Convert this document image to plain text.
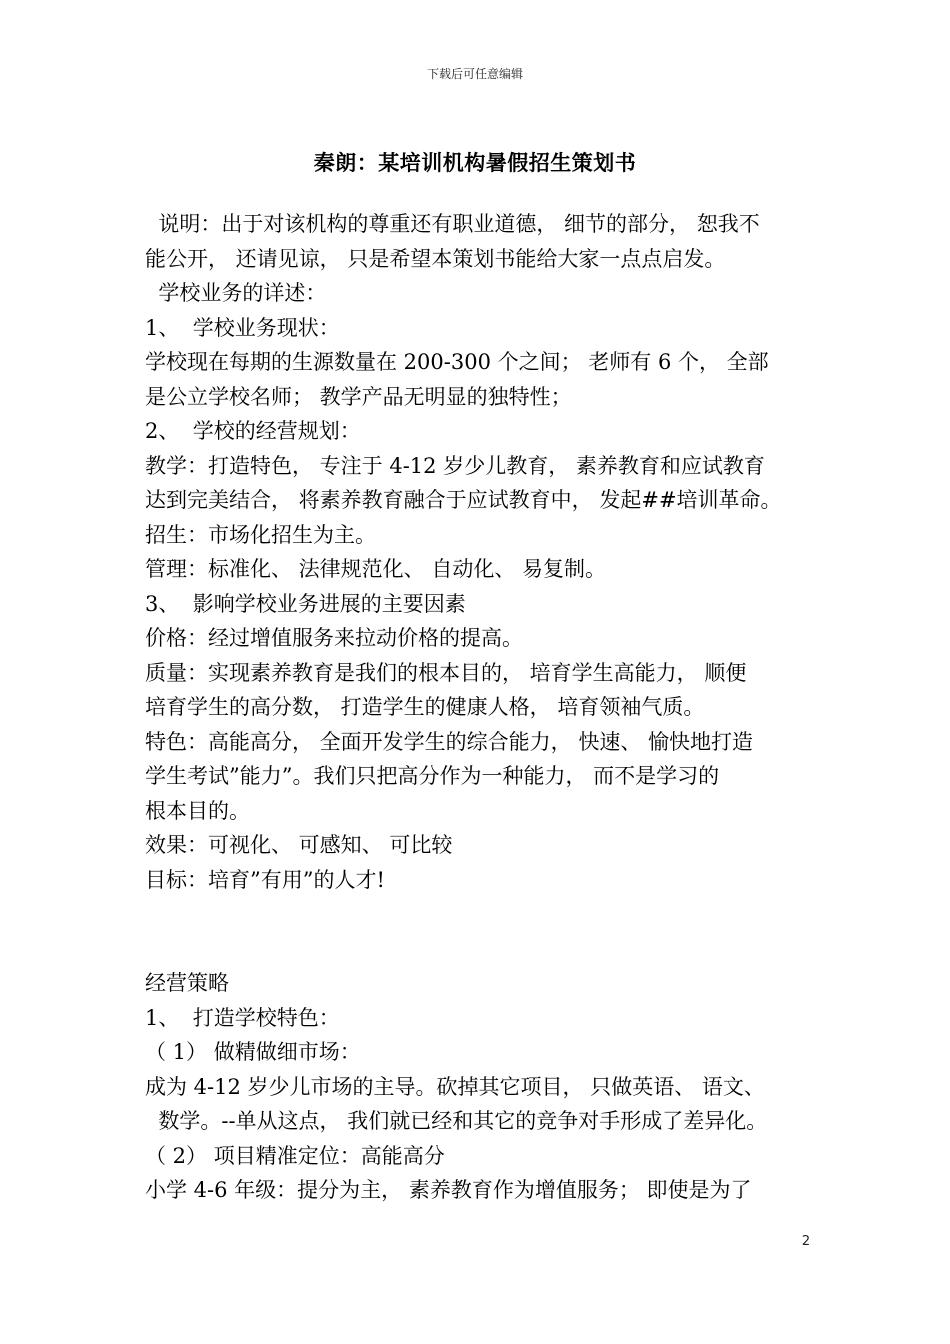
下载后可任意编辑
秦朗：某培训机构暑假招生策划书
说明：出于对该机构的尊重还有职业道德， 细节的部分， 恕我不
能公开， 还请见谅， 只是希望本策划书能给大家一点点启发。
学校业务的详述：
1、  学校业务现状：
学校现在每期的生源数量在 200-300 个之间； 老师有 6 个， 全部
是公立学校名师； 教学产品无明显的独特性；
2、  学校的经营规划：
教学：打造特色， 专注于 4-12 岁少儿教育， 素养教育和应试教育
达到完美结合， 将素养教育融合于应试教育中， 发起##培训革命。
招生：市场化招生为主。
管理：标准化、 法律规范化、 自动化、 易复制。
3、  影响学校业务进展的主要因素
价格：经过增值服务来拉动价格的提高。
质量：实现素养教育是我们的根本目的， 培育学生高能力， 顺便
培育学生的高分数， 打造学生的健康人格， 培育领袖气质。
特色：高能高分， 全面开发学生的综合能力， 快速、 愉快地打造
学生考试”能力”。我们只把高分作为一种能力， 而不是学习的
根本目的。
效果：可视化、 可感知、 可比较
目标：培育”有用”的人才!
经营策略
1、  打造学校特色：
（ 1） 做精做细市场：
成为 4-12 岁少儿市场的主导。砍掉其它项目， 只做英语、 语文、
数学。--单从这点， 我们就已经和其它的竞争对手形成了差异化。
（ 2） 项目精准定位：高能高分
小学 4-6 年级：提分为主， 素养教育作为增值服务； 即使是为了
2
